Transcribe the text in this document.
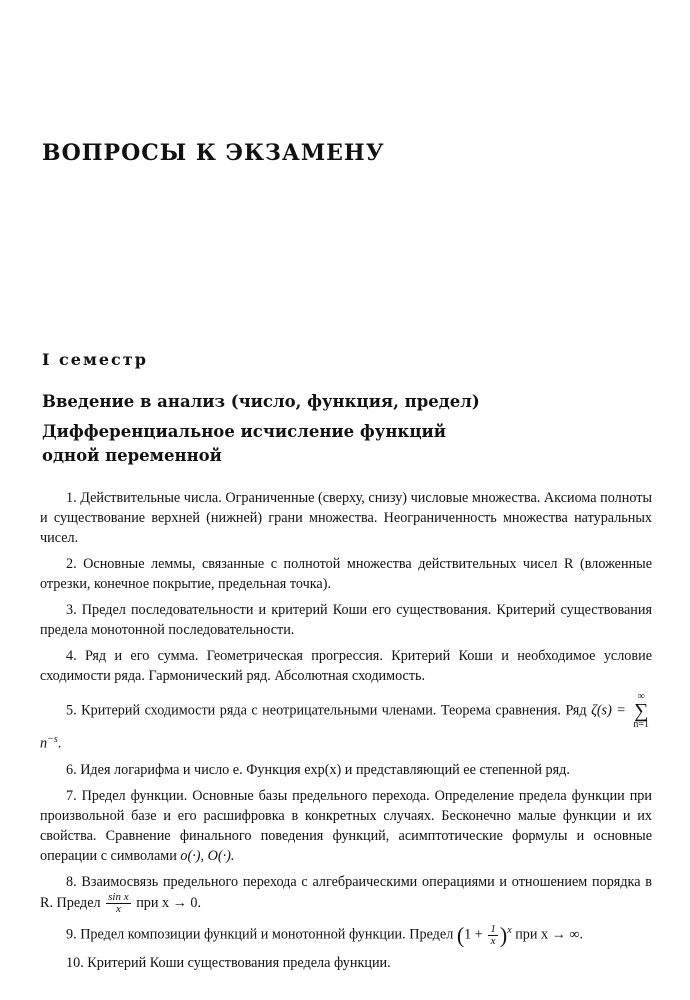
ВОПРОСЫ К ЭКЗАМЕНУ
I семестр
Введение в анализ (число, функция, предел)
Дифференциальное исчисление функций одной переменной

1. Действительные числа. Ограниченные (сверху, снизу) числовые множества. Аксиома полноты и существование верхней (нижней) грани множества. Неограниченность множества натуральных чисел.

2. Основные леммы, связанные с полнотой множества действительных чисел R (вложенные отрезки, конечное покрытие, предельная точка).

3. Предел последовательности и критерий Коши его существования. Критерий существования предела монотонной последовательности.

4. Ряд и его сумма. Геометрическая прогрессия. Критерий Коши и необходимое условие сходимости ряда. Гармонический ряд. Абсолютная сходимость.

5. Критерий сходимости ряда с неотрицательными членами. Теорема сравнения. Ряд ζ(s) = ∞
∑
$n=1n^{-s}$.

6. Идея логарифма и число e. Функция exp(x) и представляющий ее степенной ряд.

7. Предел функции. Основные базы предельного перехода. Определение предела функции при произвольной базе и его расшифровка в конкретных случаях. Бесконечно малые функции и их свойства. Сравнение финального поведения функций, асимптотические формулы и основные операции с символами o(·), O(·).

8. Взаимосвязь предельного перехода с алгебраическими операциями и отношением порядка в R. Предел $\frac{\text{sin x}}{x}$ при x → 0.

9. Предел композиции функций и монотонной функции. Предел $(1 + \frac{1}{x} )^x$ при x → ∞.

10. Критерий Коши существования предела функции.
